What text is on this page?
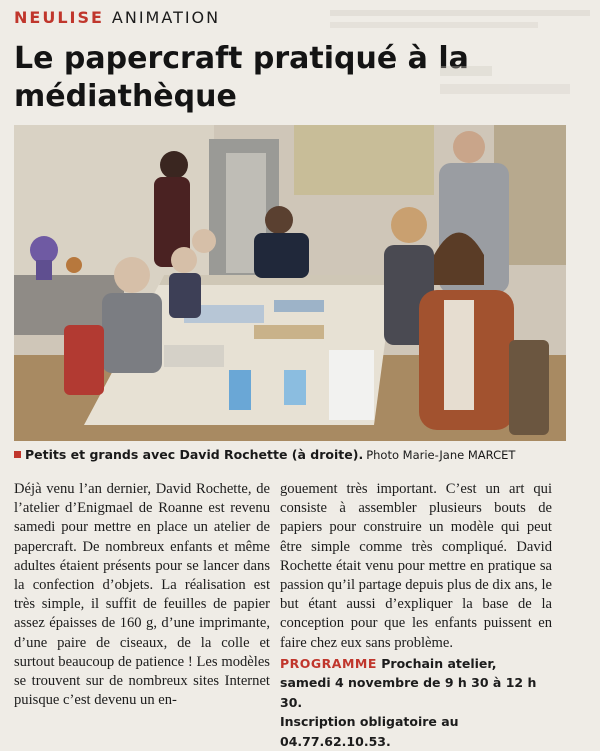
NEULISE ANIMATION
Le papercraft pratiqué à la médiathèque
Petits et grands avec David Rochette (à droite). Photo Marie-Jane MARCET
Déjà venu l’an dernier, David Rochette, de l’atelier d’Enigmael de Roanne est revenu samedi pour mettre en place un atelier de papercraft. De nombreux enfants et même adultes étaient présents pour se lancer dans la confection d’objets. La réalisation est très simple, il suffit de feuilles de papier assez épaisses de 160 g, d’une imprimante, d’une paire de ciseaux, de la colle et surtout beaucoup de patience ! Les modèles se trouvent sur de nombreux sites Internet puisque c’est devenu un en-
gouement très important. C’est un art qui consiste à assembler plusieurs bouts de papiers pour construire un modèle qui peut être simple comme très compliqué. David Rochette était venu pour mettre en pratique sa passion qu’il partage depuis plus de dix ans, le but étant aussi d’expliquer la base de la conception pour que les enfants puissent en faire chez eux sans problème.
PROGRAMME Prochain atelier,
samedi 4 novembre de 9 h 30 à 12 h 30.
Inscription obligatoire au 04.77.62.10.53.
